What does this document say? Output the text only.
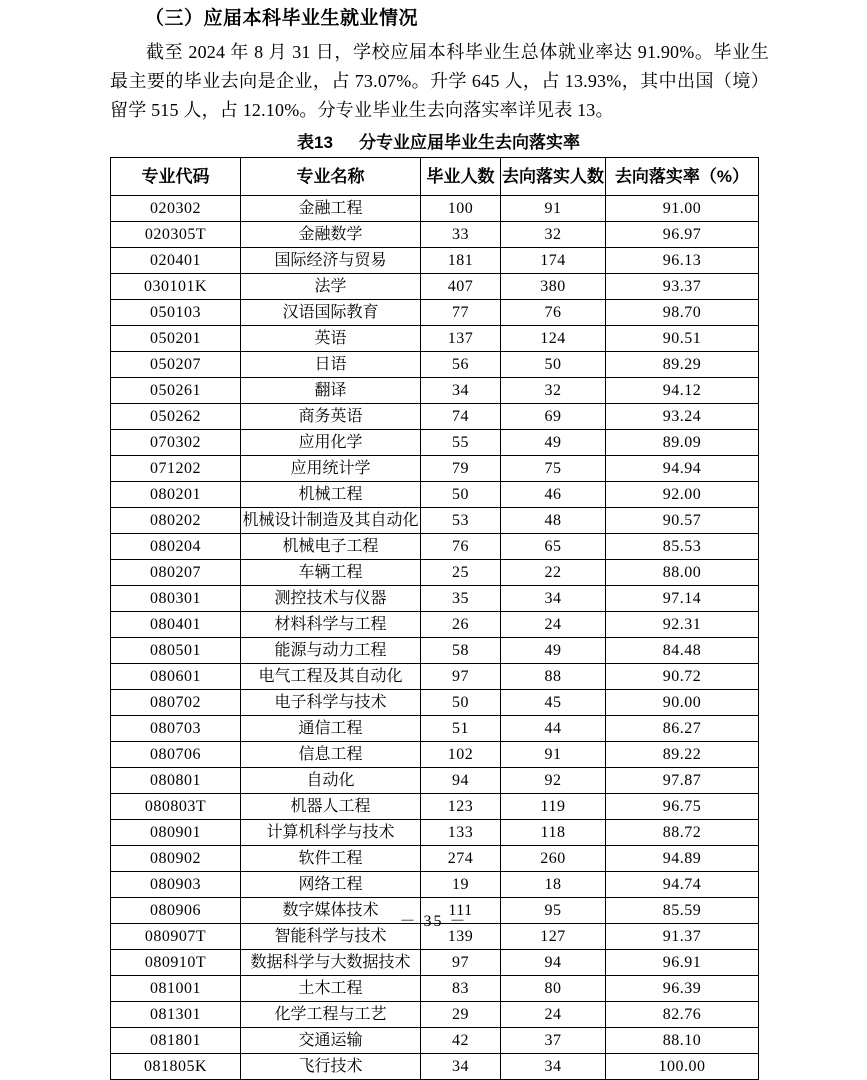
（三）应届本科毕业生就业情况

截至 2024 年 8 月 31 日，学校应届本科毕业生总体就业率达 91.90%。毕业生最主要的毕业去向是企业，占 73.07%。升学 645 人，占 13.93%，其中出国（境）留学 515 人，占 12.10%。分专业毕业生去向落实率详见表 13。

表13 分专业应届毕业生去向落实率
专业代码	专业名称	毕业人数	去向落实人数	去向落实率（%）
020302	金融工程	100	91	91.00
020305T	金融数学	33	32	96.97
020401	国际经济与贸易	181	174	96.13
030101K	法学	407	380	93.37
050103	汉语国际教育	77	76	98.70
050201	英语	137	124	90.51
050207	日语	56	50	89.29
050261	翻译	34	32	94.12
050262	商务英语	74	69	93.24
070302	应用化学	55	49	89.09
071202	应用统计学	79	75	94.94
080201	机械工程	50	46	92.00
080202	机械设计制造及其自动化	53	48	90.57
080204	机械电子工程	76	65	85.53
080207	车辆工程	25	22	88.00
080301	测控技术与仪器	35	34	97.14
080401	材料科学与工程	26	24	92.31
080501	能源与动力工程	58	49	84.48
080601	电气工程及其自动化	97	88	90.72
080702	电子科学与技术	50	45	90.00
080703	通信工程	51	44	86.27
080706	信息工程	102	91	89.22
080801	自动化	94	92	97.87
080803T	机器人工程	123	119	96.75
080901	计算机科学与技术	133	118	88.72
080902	软件工程	274	260	94.89
080903	网络工程	19	18	94.74
080906	数字媒体技术	111	95	85.59
080907T	智能科学与技术	139	127	91.37
080910T	数据科学与大数据技术	97	94	96.91
081001	土木工程	83	80	96.39
081301	化学工程与工艺	29	24	82.76
081801	交通运输	42	37	88.10
081805K	飞行技术	34	34	100.00
－ 35 －
